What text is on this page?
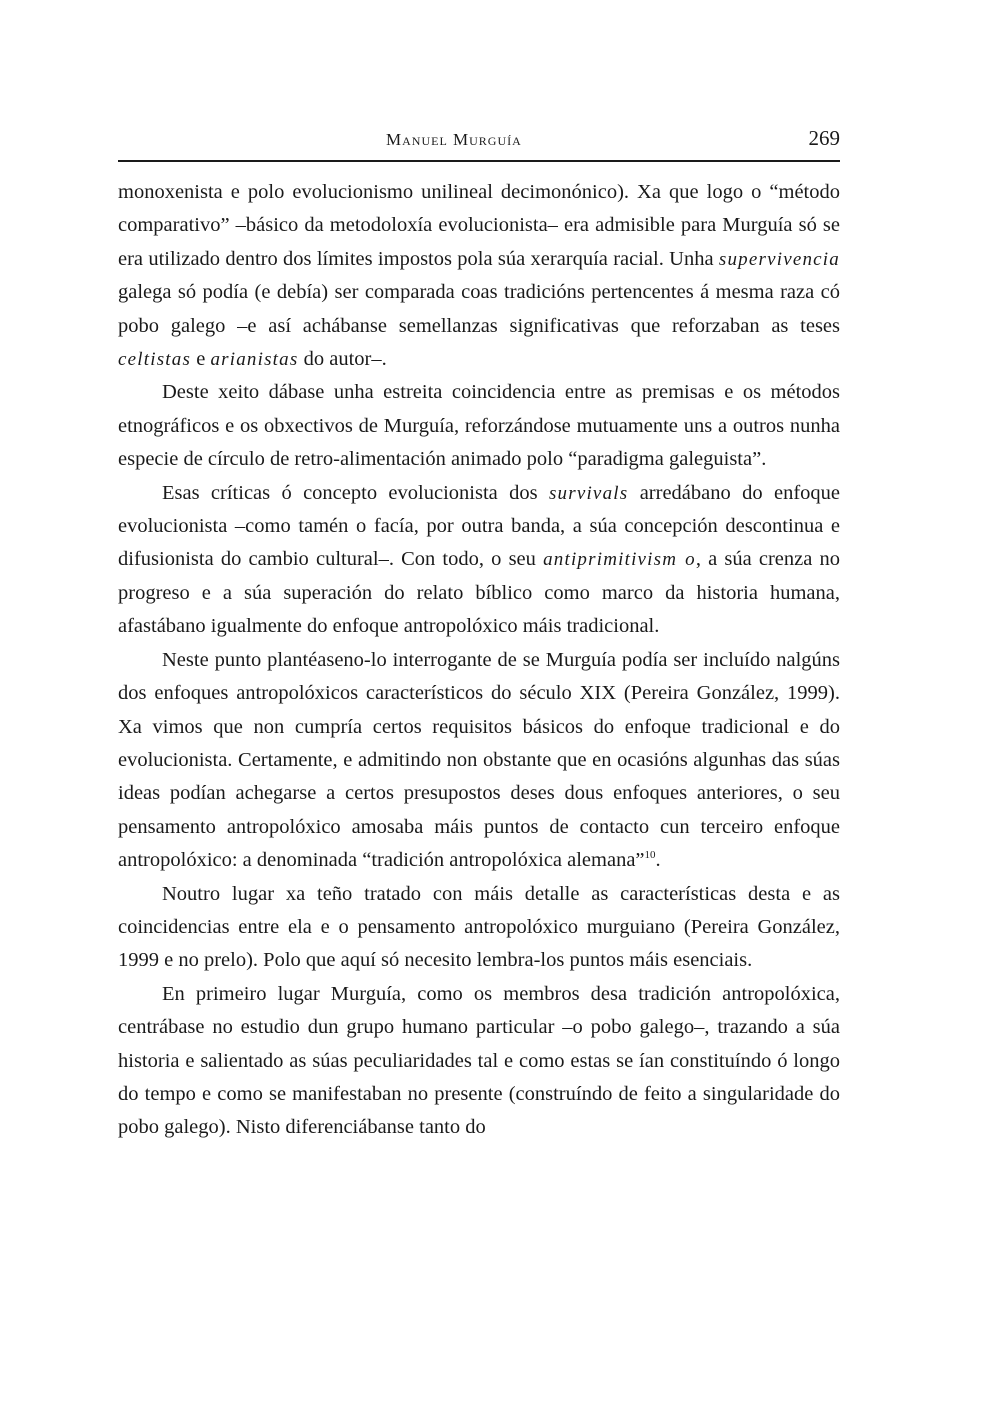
Manuel Murguía	269

monoxenista e polo evolucionismo unilineal decimonónico). Xa que logo o “método comparativo” –básico da metodoloxía evolucionista– era admisible para Murguía só se era utilizado dentro dos límites impostos pola súa xerarquía racial. Unha supervivencia galega só podía (e debía) ser comparada coas tradicións pertencentes á mesma raza có pobo galego –e así achábanse semellanzas significativas que reforzaban as teses celtistas e arianistas do autor–.

Deste xeito dábase unha estreita coincidencia entre as premisas e os métodos etnográficos e os obxectivos de Murguía, reforzándose mutuamente uns a outros nunha especie de círculo de retro-alimentación animado polo “paradigma galeguista”.

Esas críticas ó concepto evolucionista dos survivals arredábano do enfoque evolucionista –como tamén o facía, por outra banda, a súa concepción descontinua e difusionista do cambio cultural–. Con todo, o seu antiprimitivism o, a súa crenza no progreso e a súa superación do relato bíblico como marco da historia humana, afastábano igualmente do enfoque antropolóxico máis tradicional.

Neste punto plantéaseno-lo interrogante de se Murguía podía ser incluído nalgúns dos enfoques antropolóxicos característicos do século XIX (Pereira González, 1999). Xa vimos que non cumpría certos requisitos básicos do enfoque tradicional e do evolucionista. Certamente, e admitindo non obstante que en ocasións algunhas das súas ideas podían achegarse a certos presupostos deses dous enfoques anteriores, o seu pensamento antropolóxico amosaba máis puntos de contacto cun terceiro enfoque antropolóxico: a denominada “tradición antropolóxica alemana”$^{10}$.

Noutro lugar xa teño tratado con máis detalle as características desta e as coincidencias entre ela e o pensamento antropolóxico murguiano (Pereira González, 1999 e no prelo). Polo que aquí só necesito lembra-los puntos máis esenciais.

En primeiro lugar Murguía, como os membros desa tradición antropolóxica, centrábase no estudio dun grupo humano particular –o pobo galego–, trazando a súa historia e salientado as súas peculiaridades tal e como estas se ían constituíndo ó longo do tempo e como se manifestaban no presente (construíndo de feito a singularidade do pobo galego). Nisto diferenciábanse tanto do
